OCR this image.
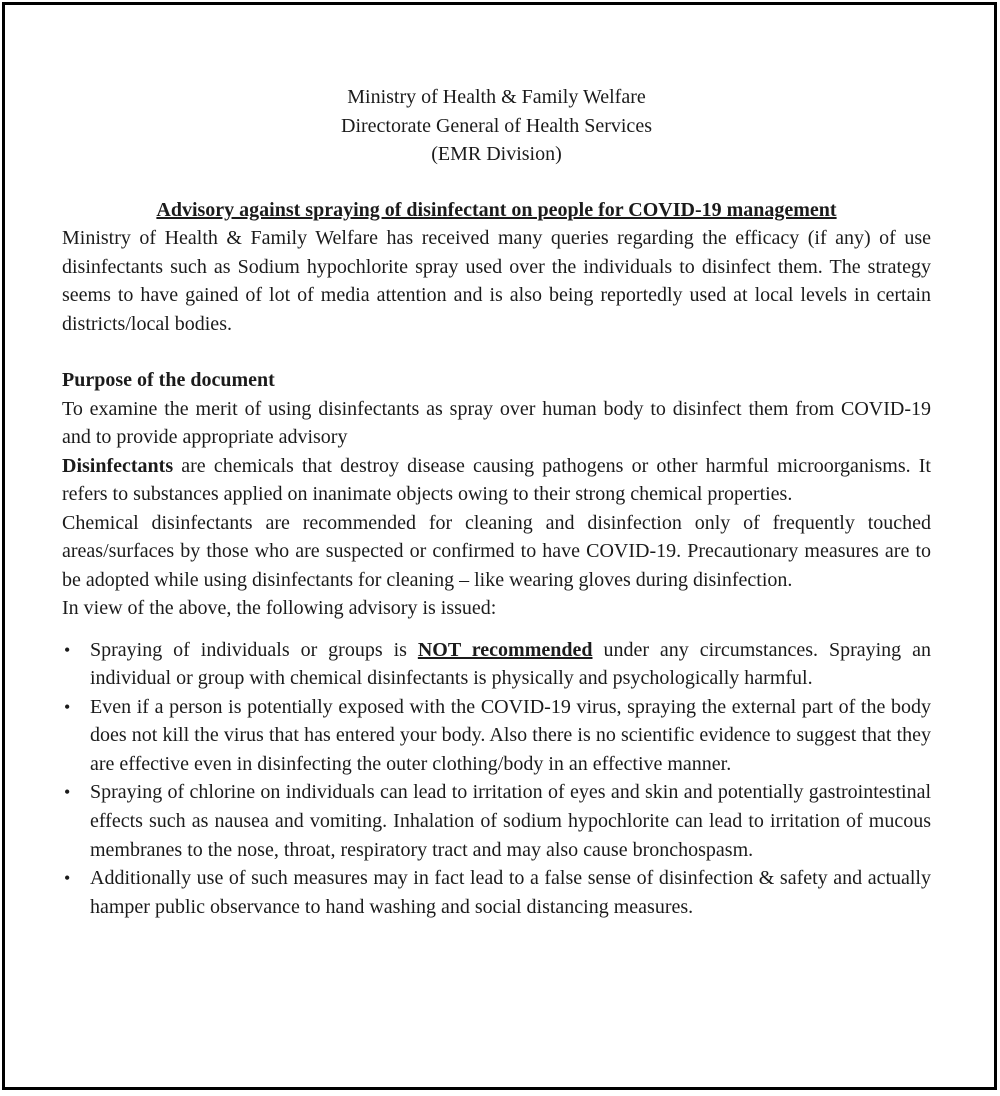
Ministry of Health & Family Welfare
Directorate General of Health Services
(EMR Division)
Advisory against spraying of disinfectant on people for COVID-19 management

Ministry of Health & Family Welfare has received many queries regarding the efficacy (if any) of use disinfectants such as Sodium hypochlorite spray used over the individuals to disinfect them. The strategy seems to have gained of lot of media attention and is also being reportedly used at local levels in certain districts/local bodies.

Purpose of the document

To examine the merit of using disinfectants as spray over human body to disinfect them from COVID-19 and to provide appropriate advisory

Disinfectants are chemicals that destroy disease causing pathogens or other harmful microorganisms. It refers to substances applied on inanimate objects owing to their strong chemical properties.

Chemical disinfectants are recommended for cleaning and disinfection only of frequently touched areas/surfaces by those who are suspected or confirmed to have COVID-19. Precautionary measures are to be adopted while using disinfectants for cleaning – like wearing gloves during disinfection.

In view of the above, the following advisory is issued:

• Spraying of individuals or groups is NOT recommended under any circumstances. Spraying an individual or group with chemical disinfectants is physically and psychologically harmful.
• Even if a person is potentially exposed with the COVID-19 virus, spraying the external part of the body does not kill the virus that has entered your body. Also there is no scientific evidence to suggest that they are effective even in disinfecting the outer clothing/body in an effective manner.
• Spraying of chlorine on individuals can lead to irritation of eyes and skin and potentially gastrointestinal effects such as nausea and vomiting. Inhalation of sodium hypochlorite can lead to irritation of mucous membranes to the nose, throat, respiratory tract and may also cause bronchospasm.
• Additionally use of such measures may in fact lead to a false sense of disinfection & safety and actually hamper public observance to hand washing and social distancing measures.
